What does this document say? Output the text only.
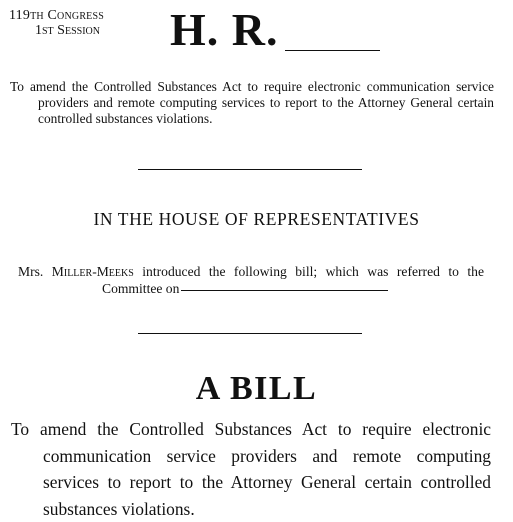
119th Congress
1st Session H. R.

To amend the Controlled Substances Act to require electronic communication service providers and remote computing services to report to the Attorney General certain controlled substances violations.

IN THE HOUSE OF REPRESENTATIVES

Mrs. Miller-Meeks introduced the following bill; which was referred to the Committee on

A BILL

To amend the Controlled Substances Act to require electronic communication service providers and remote computing services to report to the Attorney General certain controlled substances violations.
